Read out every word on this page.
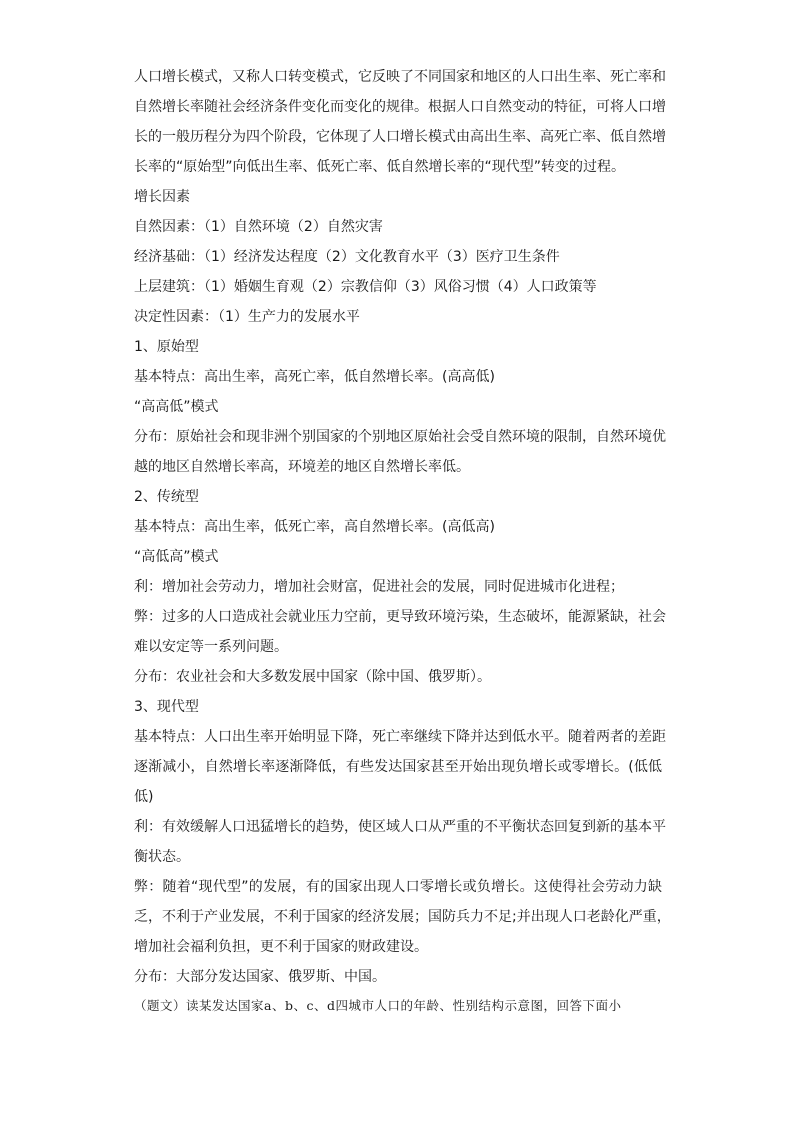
人口增长模式，又称人口转变模式，它反映了不同国家和地区的人口出生率、死亡率和
自然增长率随社会经济条件变化而变化的规律。根据人口自然变动的特征，可将人口增
长的一般历程分为四个阶段，它体现了人口增长模式由高出生率、高死亡率、低自然增
长率的“原始型”向低出生率、低死亡率、低自然增长率的“现代型”转变的过程。

增长因素

自然因素：（1）自然环境（2）自然灾害

经济基础：（1）经济发达程度（2）文化教育水平（3）医疗卫生条件

上层建筑：（1）婚姻生育观（2）宗教信仰（3）风俗习惯（4）人口政策等

决定性因素：（1）生产力的发展水平

1、原始型

基本特点：高出生率，高死亡率，低自然增长率。(高高低)

“高高低”模式

分布：原始社会和现非洲个别国家的个别地区原始社会受自然环境的限制，自然环境优
越的地区自然增长率高，环境差的地区自然增长率低。

2、传统型

基本特点：高出生率，低死亡率，高自然增长率。(高低高)

“高低高”模式

利：增加社会劳动力，增加社会财富，促进社会的发展，同时促进城市化进程；

弊：过多的人口造成社会就业压力空前，更导致环境污染，生态破坏，能源紧缺，社会
难以安定等一系列问题。

分布：农业社会和大多数发展中国家（除中国、俄罗斯）。

3、现代型

基本特点：人口出生率开始明显下降，死亡率继续下降并达到低水平。随着两者的差距
逐渐减小，自然增长率逐渐降低，有些发达国家甚至开始出现负增长或零增长。(低低
低)

利：有效缓解人口迅猛增长的趋势，使区域人口从严重的不平衡状态回复到新的基本平
衡状态。

弊：随着“现代型”的发展，有的国家出现人口零增长或负增长。这使得社会劳动力缺
乏，不利于产业发展，不利于国家的经济发展；国防兵力不足;并出现人口老龄化严重，
增加社会福利负担，更不利于国家的财政建设。

分布：大部分发达国家、俄罗斯、中国。

（题文）读某发达国家a、b、c、d四城市人口的年龄、性别结构示意图，回答下面小
